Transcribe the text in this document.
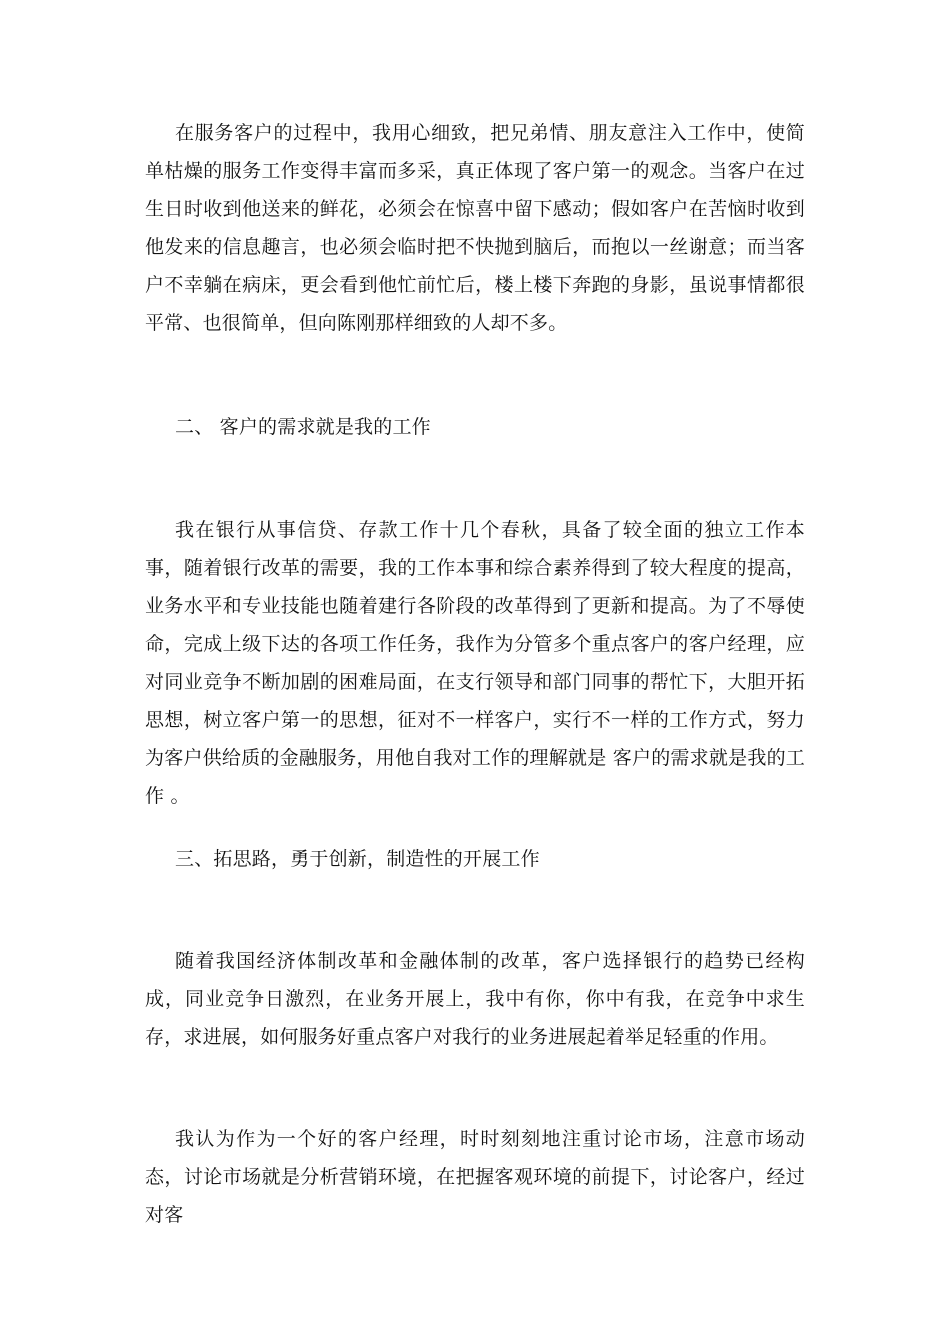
在服务客户的过程中，我用心细致，把兄弟情、朋友意注入工作中，使简单枯燥的服务工作变得丰富而多采，真正体现了客户第一的观念。当客户在过生日时收到他送来的鲜花，必须会在惊喜中留下感动；假如客户在苦恼时收到他发来的信息趣言，也必须会临时把不快抛到脑后，而抱以一丝谢意；而当客户不幸躺在病床，更会看到他忙前忙后，楼上楼下奔跑的身影，虽说事情都很平常、也很简单，但向陈刚那样细致的人却不多。

二、 客户的需求就是我的工作

我在银行从事信贷、存款工作十几个春秋，具备了较全面的独立工作本事，随着银行改革的需要，我的工作本事和综合素养得到了较大程度的提高，业务水平和专业技能也随着建行各阶段的改革得到了更新和提高。为了不辱使命，完成上级下达的各项工作任务，我作为分管多个重点客户的客户经理，应对同业竞争不断加剧的困难局面，在支行领导和部门同事的帮忙下，大胆开拓思想，树立客户第一的思想，征对不一样客户，实行不一样的工作方式，努力为客户供给质的金融服务，用他自我对工作的理解就是 客户的需求就是我的工作 。

三、拓思路，勇于创新，制造性的开展工作

随着我国经济体制改革和金融体制的改革，客户选择银行的趋势已经构成，同业竞争日激烈，在业务开展上，我中有你，你中有我，在竞争中求生存，求进展，如何服务好重点客户对我行的业务进展起着举足轻重的作用。

我认为作为一个好的客户经理，时时刻刻地注重讨论市场，注意市场动态，讨论市场就是分析营销环境，在把握客观环境的前提下，讨论客户，经过对客
